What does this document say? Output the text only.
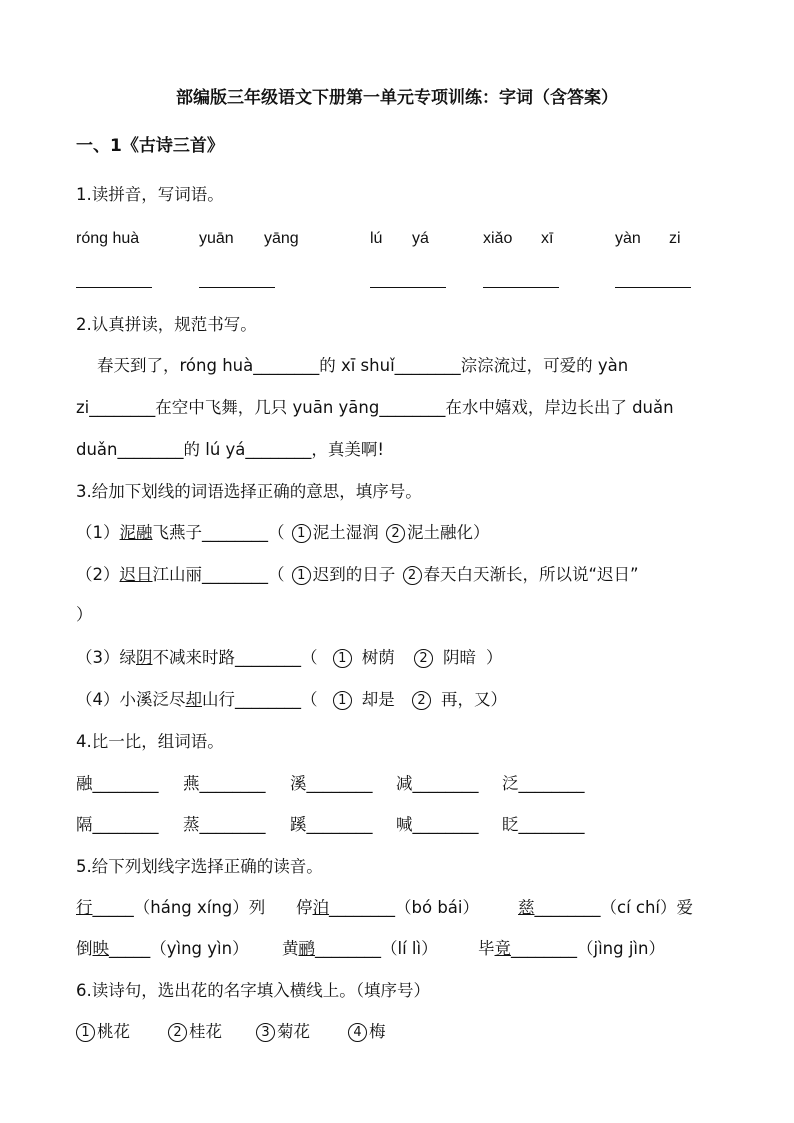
部编版三年级语文下册第一单元专项训练：字词（含答案）
一、1《古诗三首》
1.读拼音，写词语。
róng huà	yuān yāng	lú yá	xiǎo xī	yàn zi
2.认真拼读，规范书写。
春天到了，róng huà________的 xī shuǐ________淙淙流过，可爱的 yàn
zi________在空中飞舞，几只 yuān yāng________在水中嬉戏，岸边长出了 duǎn
duǎn________的 lú yá________，真美啊!
3.给加下划线的词语选择正确的意思，填序号。
（1）泥融飞燕子________（ 1 泥土湿润 2 泥土融化）
（2）迟日江山丽________（ 1 迟到的日子 2 春天白天渐长，所以说“迟日”
）
（3）绿阴不减来时路________（ 1 树荫 2 阴暗 ）
（4）小溪泛尽却山行________（ 1 却是 2 再，又）
4.比一比，组词语。
融________ 燕________ 溪________ 减________ 泛________
隔________ 蒸________ 蹊________ 喊________ 眨________
5.给下列划线字选择正确的读音。
行_____（háng xíng）列 停泊________（bó bái） 慈________（cí chí）爱
倒映_____（yìng yìn） 黄鹂________（lí lì） 毕竟________（jìng jìn）
6.读诗句，选出花的名字填入横线上。（填序号）
1 桃花	2 桂花	3 菊花	4 梅
